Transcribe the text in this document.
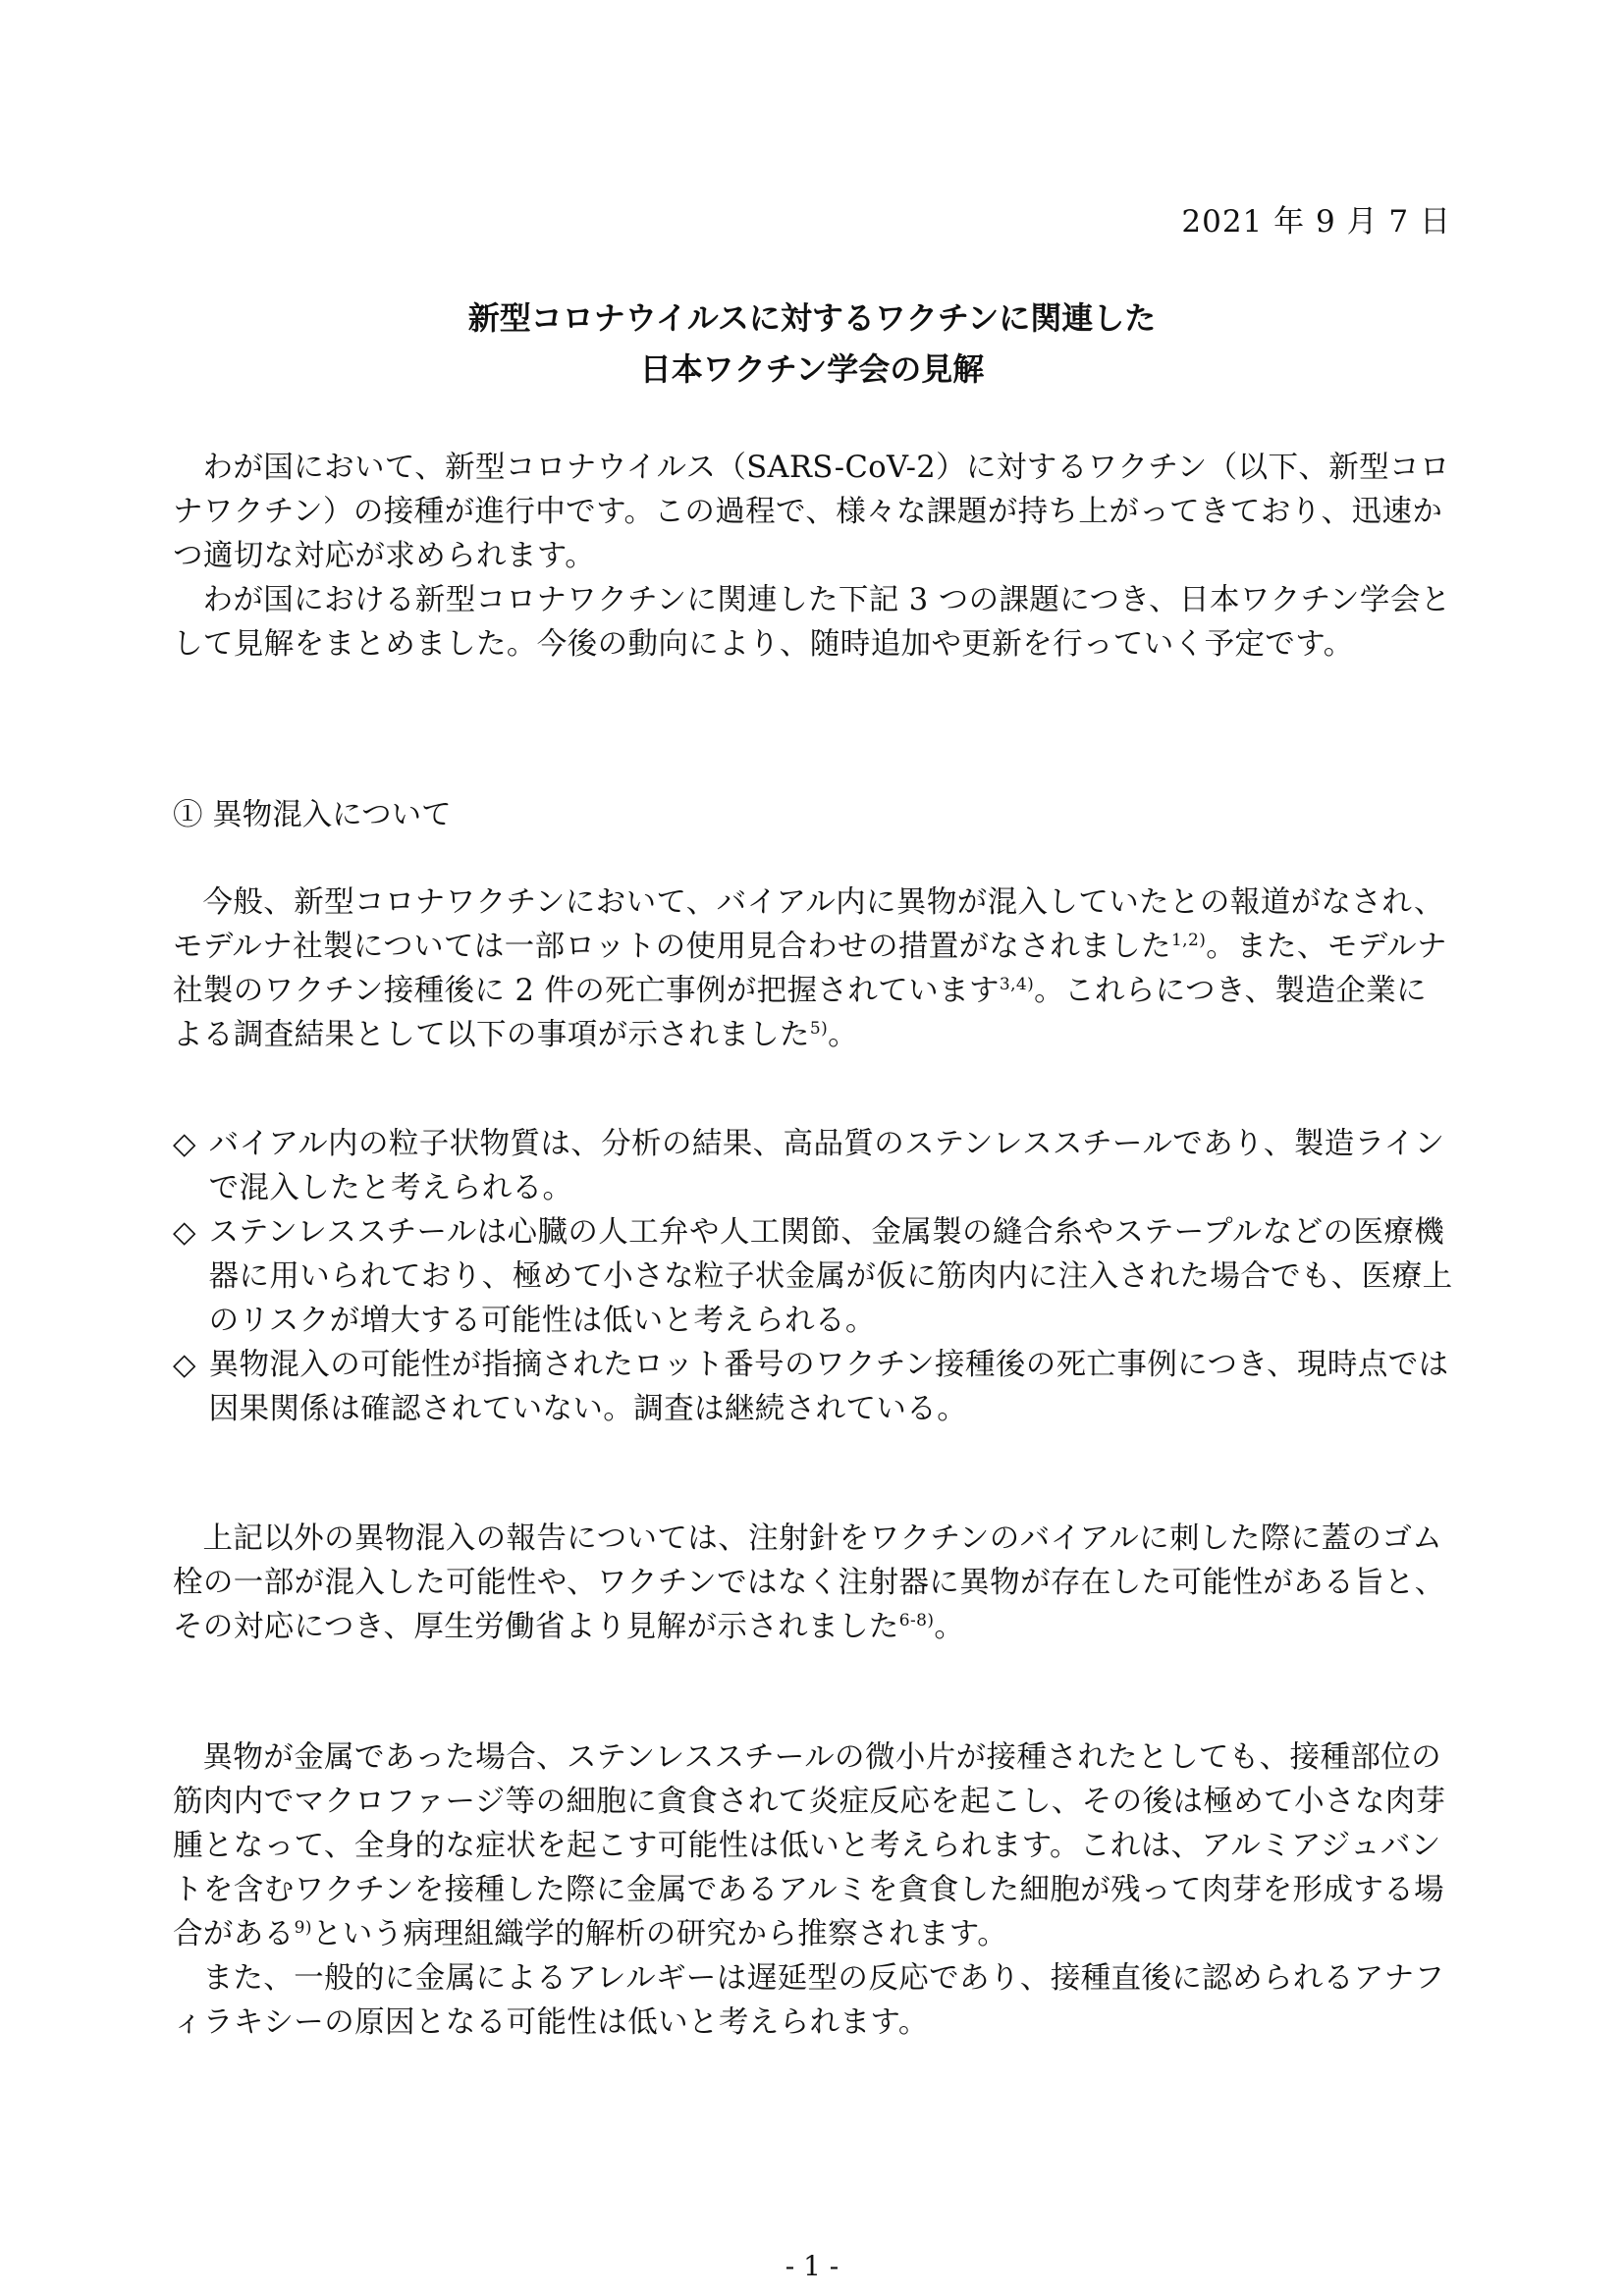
2021 年 9 月 7 日
新型コロナウイルスに対するワクチンに関連した
日本ワクチン学会の見解

わが国において、新型コロナウイルス（SARS-CoV-2）に対するワクチン（以下、新型コロナワクチン）の接種が進行中です。この過程で、様々な課題が持ち上がってきており、迅速かつ適切な対応が求められます。

わが国における新型コロナワクチンに関連した下記 3 つの課題につき、日本ワクチン学会として見解をまとめました。今後の動向により、随時追加や更新を行っていく予定です。

① 異物混入について

今般、新型コロナワクチンにおいて、バイアル内に異物が混入していたとの報道がなされ、モデルナ社製については一部ロットの使用見合わせの措置がなされました$^{1,2)}$。また、モデルナ社製のワクチン接種後に 2 件の死亡事例が把握されています$^{3,4)}$。これらにつき、製造企業による調査結果として以下の事項が示されました$^{5)}$。

◇ バイアル内の粒子状物質は、分析の結果、高品質のステンレススチールであり、製造ラインで混入したと考えられる。
◇ ステンレススチールは心臓の人工弁や人工関節、金属製の縫合糸やステープルなどの医療機器に用いられており、極めて小さな粒子状金属が仮に筋肉内に注入された場合でも、医療上のリスクが増大する可能性は低いと考えられる。
◇ 異物混入の可能性が指摘されたロット番号のワクチン接種後の死亡事例につき、現時点では因果関係は確認されていない。調査は継続されている。

上記以外の異物混入の報告については、注射針をワクチンのバイアルに刺した際に蓋のゴム栓の一部が混入した可能性や、ワクチンではなく注射器に異物が存在した可能性がある旨と、その対応につき、厚生労働省より見解が示されました$^{6-8)}$。

異物が金属であった場合、ステンレススチールの微小片が接種されたとしても、接種部位の筋肉内でマクロファージ等の細胞に貪食されて炎症反応を起こし、その後は極めて小さな肉芽腫となって、全身的な症状を起こす可能性は低いと考えられます。これは、アルミアジュバントを含むワクチンを接種した際に金属であるアルミを貪食した細胞が残って肉芽を形成する場合がある$^{9)}$という病理組織学的解析の研究から推察されます。

また、一般的に金属によるアレルギーは遅延型の反応であり、接種直後に認められるアナフィラキシーの原因となる可能性は低いと考えられます。

- 1 -
